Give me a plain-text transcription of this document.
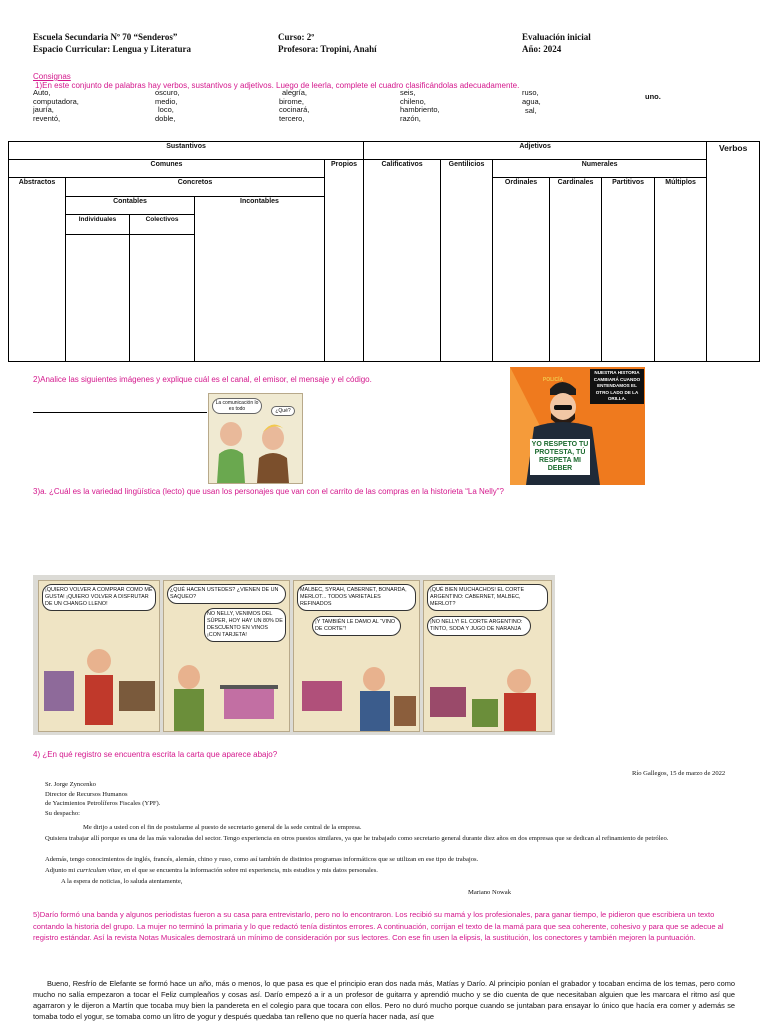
Escuela Secundaria Nº 70 “Senderos”
Espacio Curricular: Lengua y Literatura
Curso: 2º
Profesora: Tropini, Anahí
Evaluación inicial
Año: 2024
Consignas
1)En este conjunto de palabras hay verbos, sustantivos y adjetivos. Luego de leerla, complete el cuadro clasificándolas adecuadamente.
Auto,
computadora,
jauría,
reventó,
oscuro,
medio,
loco,
doble,
alegría,
birome,
cocinará,
tercero,
seis,
chileno,
hambriento,
razón,
ruso,
agua,
sal,
uno.
Sustantivos					Adjetivos						Verbos
Comunes				Propios	Calificativos	Gentilicios	Numerales				
Abstractos	Concretos						Ordinales	Cardinales	Partitivos	Múltiplos	
	Contables		Incontables								
	Individuales	Colectivos									

2)Analice las siguientes imágenes y explique cuál es el canal, el emisor, el mensaje y el código.
La comunicación lo es todo	¿Qué?
POLICÍA
NUESTRA HISTORIA CAMBIARÁ CUANDO ENTENDAMOS EL OTRO LADO DE LA ORILLA.
YO RESPETO TU PROTESTA, TÚ RESPETA MI DEBER
3)a. ¿Cuál es la variedad lingüística (lecto) que usan los personajes que van con el carrito de las compras en la historieta “La Nelly”?
¡QUIERO VOLVER A COMPRAR COMO ME GUSTA! ¡QUIERO VOLVER A DISFRUTAR DE UN CHANGO LLENO!
¿QUÉ HACEN USTEDES? ¿VIENEN DE UN SAQUEO?
NO NELLY, VENIMOS DEL SÚPER, HOY HAY UN 80% DE DESCUENTO EN VINOS ¡CON TARJETA!
MALBEC, SYRAH, CABERNET, BONARDA, MERLOT... TODOS VARIETALES REFINADOS
¡Y TAMBIÉN LE DAMO AL “VINO DE CORTE”!
¡QUÉ BIEN MUCHACHOS! EL CORTE ARGENTINO: CABERNET, MALBEC, MERLOT?
¡NO NELLY! EL CORTE ARGENTINO: TINTO, SODA Y JUGO DE NARANJA
4) ¿En qué registro se encuentra escrita la carta que aparece abajo?
Río Gallegos, 15 de marzo de 2022
Sr. Jorge Zyncenko
Director de Recursos Humanos
de Yacimientos Petrolíferos Fiscales (YPF).
Su despacho:
Me dirijo a usted con el fin de postularme al puesto de secretario general de la sede central de la empresa.
Quisiera trabajar allí porque es una de las más valoradas del sector. Tengo experiencia en otros puestos similares, ya que he trabajado como secretario general durante diez años en dos empresas que se dedican al refinamiento de petróleo.
Además, tengo conocimientos de inglés, francés, alemán, chino y ruso, como así también de distintos programas informáticos que se utilizan en ese tipo de trabajos.
Adjunto mi curriculum vitae, en el que se encuentra la información sobre mi experiencia, mis estudios y mis datos personales.
A la espera de noticias, lo saluda atentamente,
Mariano Nowak
5)Darío formó una banda y algunos periodistas fueron a su casa para entrevistarlo, pero no lo encontraron. Los recibió su mamá y los profesionales, para ganar tiempo, le pidieron que escribiera un texto contando la historia del grupo. La mujer no terminó la primaria y lo que redactó tenía distintos errores. A continuación, corrijan el texto de la mamá para que sea coherente, cohesivo y para que se adecue al registro estándar. Así la revista Notas Musicales demostrará un mínimo de consideración por sus lectores. Con ese fin usen la elipsis, la sustitución, los conectores y también mejoren la puntuación.
Bueno, Resfrío de Elefante se formó hace un año, más o menos, lo que pasa es que el principio eran dos nada más, Matías y Darío. Al principio ponían el grabador y tocaban encima de los temas, pero como mucho no salía empezaron a tocar el Feliz cumpleaños y cosas así. Darío empezó a ir a un profesor de guitarra y aprendió mucho y se dio cuenta de que necesitaban alguien que les marcara el ritmo así que agarraron y le dijeron a Martín que tocaba muy bien la pandereta en el colegio para que tocara con ellos. Pero no duró mucho porque cuando se juntaban para ensayar lo único que hacía era comer y además se tomaba todo el yogur, se tomaba como un litro de yogur y después quedaba tan relleno que no quería hacer nada, así que
